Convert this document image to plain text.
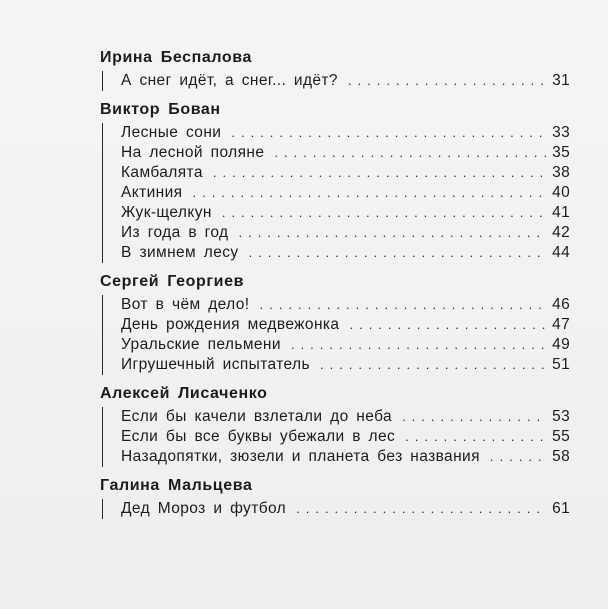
Ирина Беспалова
А снег идёт, а снег... идёт? .....	31
Виктор Бован
Лесные сони .....	33
На лесной поляне .....	35
Камбалята .....	38
Актиния .....	40
Жук-щелкун .....	41
Из года в год .....	42
В зимнем лесу .....	44
Сергей Георгиев
Вот в чём дело! .....	46
День рождения медвежонка .....	47
Уральские пельмени .....	49
Игрушечный испытатель .....	51
Алексей Лисаченко
Если бы качели взлетали до неба .....	53
Если бы все буквы убежали в лес .....	55
Назадопятки, зюзели и планета без названия .....	58
Галина Мальцева
Дед Мороз и футбол .....	61
